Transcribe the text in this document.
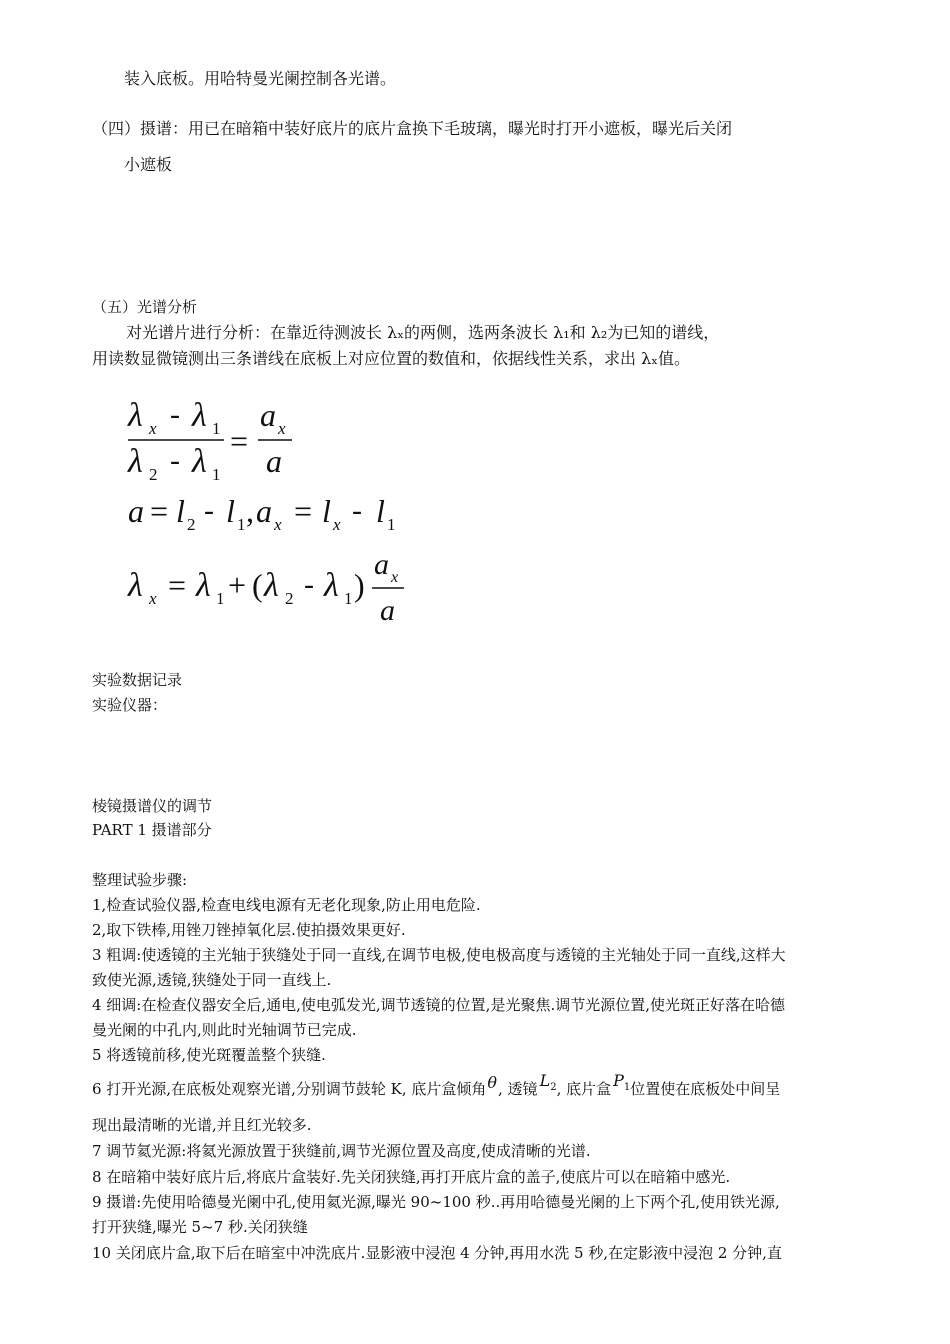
装入底板。用哈特曼光阑控制各光谱。
（四）摄谱：用已在暗箱中装好底片的底片盒换下毛玻璃，曝光时打开小遮板，曝光后关闭
小遮板
（五）光谱分析
对光谱片进行分析：在靠近待测波长 λₓ的两侧，选两条波长 λ₁和 λ₂为已知的谱线，
用读数显微镜测出三条谱线在底板上对应位置的数值和，依据线性关系，求出 λₓ值。
λ x - λ 1
λ 2 - λ 1
=
a x
a
a = l 2 - l 1 , a x = l x - l 1
λ x = λ 1 + ( λ 2 - λ 1 )
a x
a
实验数据记录
实验仪器：
棱镜摄谱仪的调节
PART 1 摄谱部分
整理试验步骤:
1,检查试验仪器,检查电线电源有无老化现象,防止用电危险.
2,取下铁棒,用锉刀锉掉氧化层.使拍摄效果更好.
3 粗调:使透镜的主光轴于狭缝处于同一直线,在调节电极,使电极高度与透镜的主光轴处于同一直线,这样大
致使光源,透镜,狭缝处于同一直线上.
4 细调:在检查仪器安全后,通电,使电弧发光,调节透镜的位置,是光聚焦.调节光源位置,使光斑正好落在哈德
曼光阑的中孔内,则此时光轴调节已完成.
5 将透镜前移,使光斑覆盖整个狭缝.
6 打开光源,在底板处观察光谱,分别调节鼓轮 K, 底片盒倾角θ, 透镜 $L^2$, 底片盒 $P^1$位置使在底板处中间呈
现出最清晰的光谱,并且红光较多.
7 调节氦光源:将氦光源放置于狭缝前,调节光源位置及高度,使成清晰的光谱.
8 在暗箱中装好底片后,将底片盒装好.先关闭狭缝,再打开底片盒的盖子,使底片可以在暗箱中感光.
9 摄谱:先使用哈德曼光阑中孔,使用氦光源,曝光 90~100 秒..再用哈德曼光阑的上下两个孔,使用铁光源,
打开狭缝,曝光 5~7 秒.关闭狭缝
10 关闭底片盒,取下后在暗室中冲洗底片.显影液中浸泡 4 分钟,再用水洗 5 秒,在定影液中浸泡 2 分钟,直
